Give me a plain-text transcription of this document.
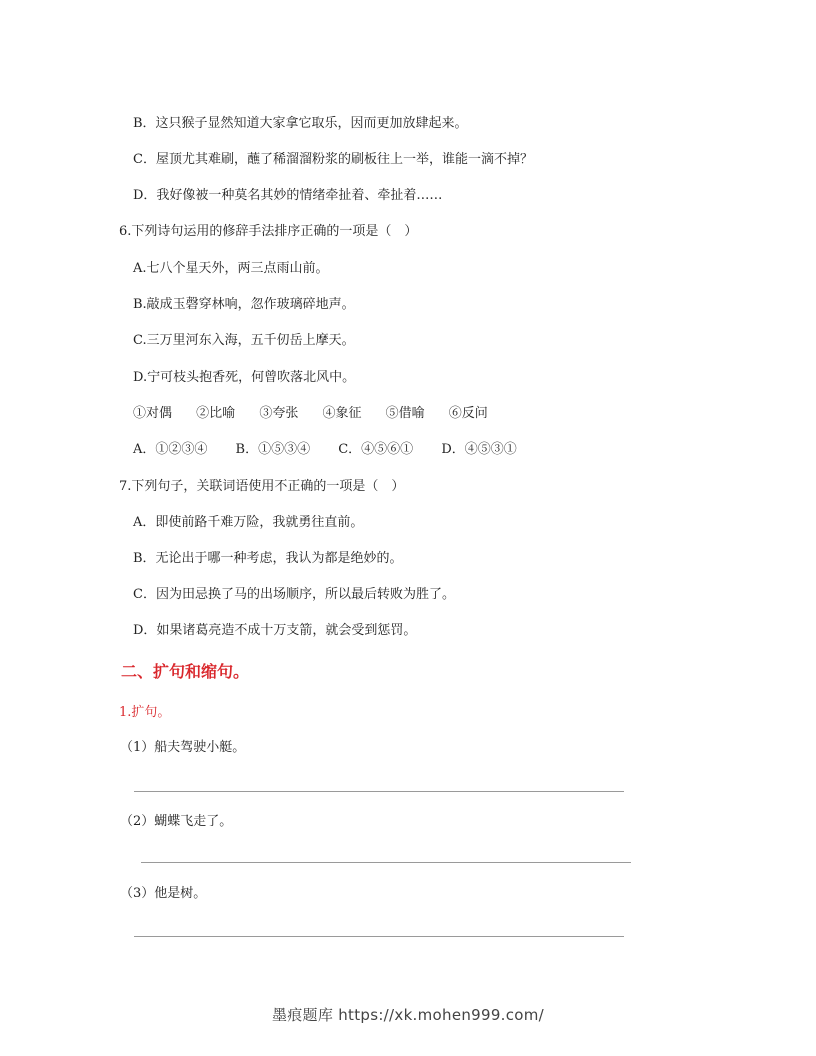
B．这只猴子显然知道大家拿它取乐，因而更加放肆起来。
C．屋顶尤其难刷，蘸了稀溜溜粉浆的刷板往上一举，谁能一滴不掉？
D．我好像被一种莫名其妙的情绪牵扯着、牵扯着……
6.下列诗句运用的修辞手法排序正确的一项是（　）
A.七八个星天外，两三点雨山前。
B.敲成玉磬穿林响，忽作玻璃碎地声。
C.三万里河东入海，五千仞岳上摩天。
D.宁可枝头抱香死，何曾吹落北风中。
①对偶 ②比喻 ③夸张 ④象征 ⑤借喻 ⑥反问
A．①②③④ B．①⑤③④ C．④⑤⑥① D．④⑤③①
7.下列句子，关联词语使用不正确的一项是（　）
A．即使前路千难万险，我就勇往直前。
B．无论出于哪一种考虑，我认为都是绝妙的。
C．因为田忌换了马的出场顺序，所以最后转败为胜了。
D．如果诸葛亮造不成十万支箭，就会受到惩罚。
二、扩句和缩句。
1.扩句。
（1）船夫驾驶小艇。
（2）蝴蝶飞走了。
（3）他是树。
墨痕题库 https://xk.mohen999.com/
